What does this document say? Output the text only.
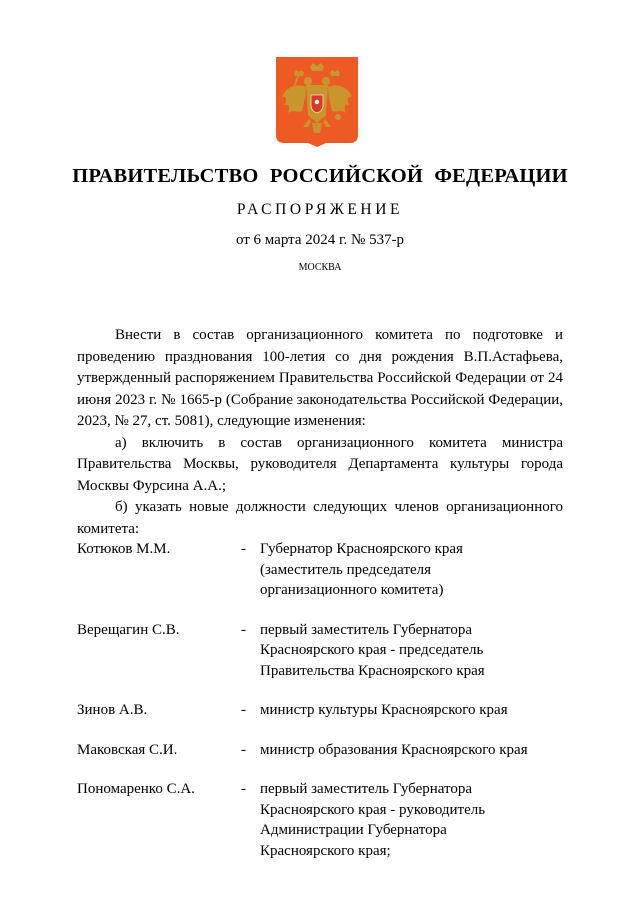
ПРАВИТЕЛЬСТВО РОССИЙСКОЙ ФЕДЕРАЦИИ
РАСПОРЯЖЕНИЕ
от 6 марта 2024 г. № 537-р
МОСКВА

Внести в состав организационного комитета по подготовке и проведению празднования 100-летия со дня рождения В.П.Астафьева, утвержденный распоряжением Правительства Российской Федерации от 24 июня 2023 г. № 1665-р (Собрание законодательства Российской Федерации, 2023, № 27, ст. 5081), следующие изменения:

а) включить в состав организационного комитета министра Правительства Москвы, руководителя Департамента культуры города Москвы Фурсина А.А.;

б) указать новые должности следующих членов организационного комитета:

Котюков М.М.	- Губернатор Красноярского края
(заместитель председателя
организационного комитета)
Верещагин С.В.	- первый заместитель Губернатора
Красноярского края - председатель
Правительства Красноярского края
Зинов А.В.	- министр культуры Красноярского края
Маковская С.И.	- министр образования Красноярского края
Пономаренко С.А.	- первый заместитель Губернатора
Красноярского края - руководитель
Администрации Губернатора
Красноярского края;
